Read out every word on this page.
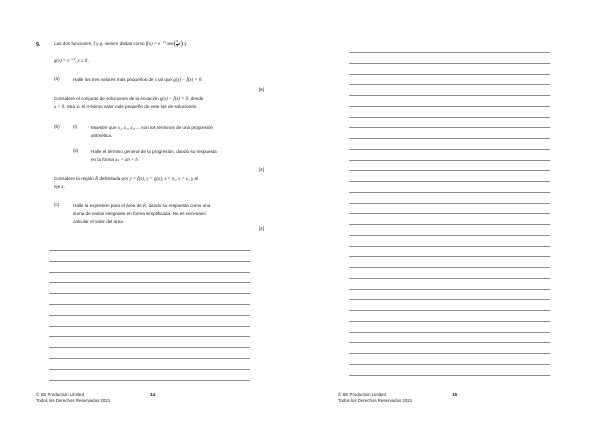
9.	Las dos funciones, f y g, vienen dadas como $f(x) = e^{-√x}$ $sen( \frac{\pi}{4} x)$ y
$g(x) = e^{-√x}$, x ≥ 0 .
(a)	Halle los tres valores más pequeños de x tal que g(x) − f(x) = 0.
[6]
Considere el conjunto de soluciones de la ecuación g(x) − f(x) = 0, donde
x > 0. Sea xₙ el n-ésimo valor más pequeño de este set de soluciones.
(b)	(i)	Muestre que x₁, x₂, x₃, ... son los términos de una progresión
aritmética.
(ii)	Halle el término general de la progresión, dando su respuesta
en la forma xₙ = an + b.
[4]
Considere la región R delimitada por y = f(x), y = g(x), x = x₁, x = x₂ y el
eje x.
(c)	Halle la expresión para el área de R, dando su respuesta como una
suma de varias integrales en forma simplificada. No es necesario
calcular el valor del área.
[4]
© SE Production Limited
Todos los Derechos Reservados 2021
14	© SE Production Limited
Todos los Derechos Reservados 2021
15
